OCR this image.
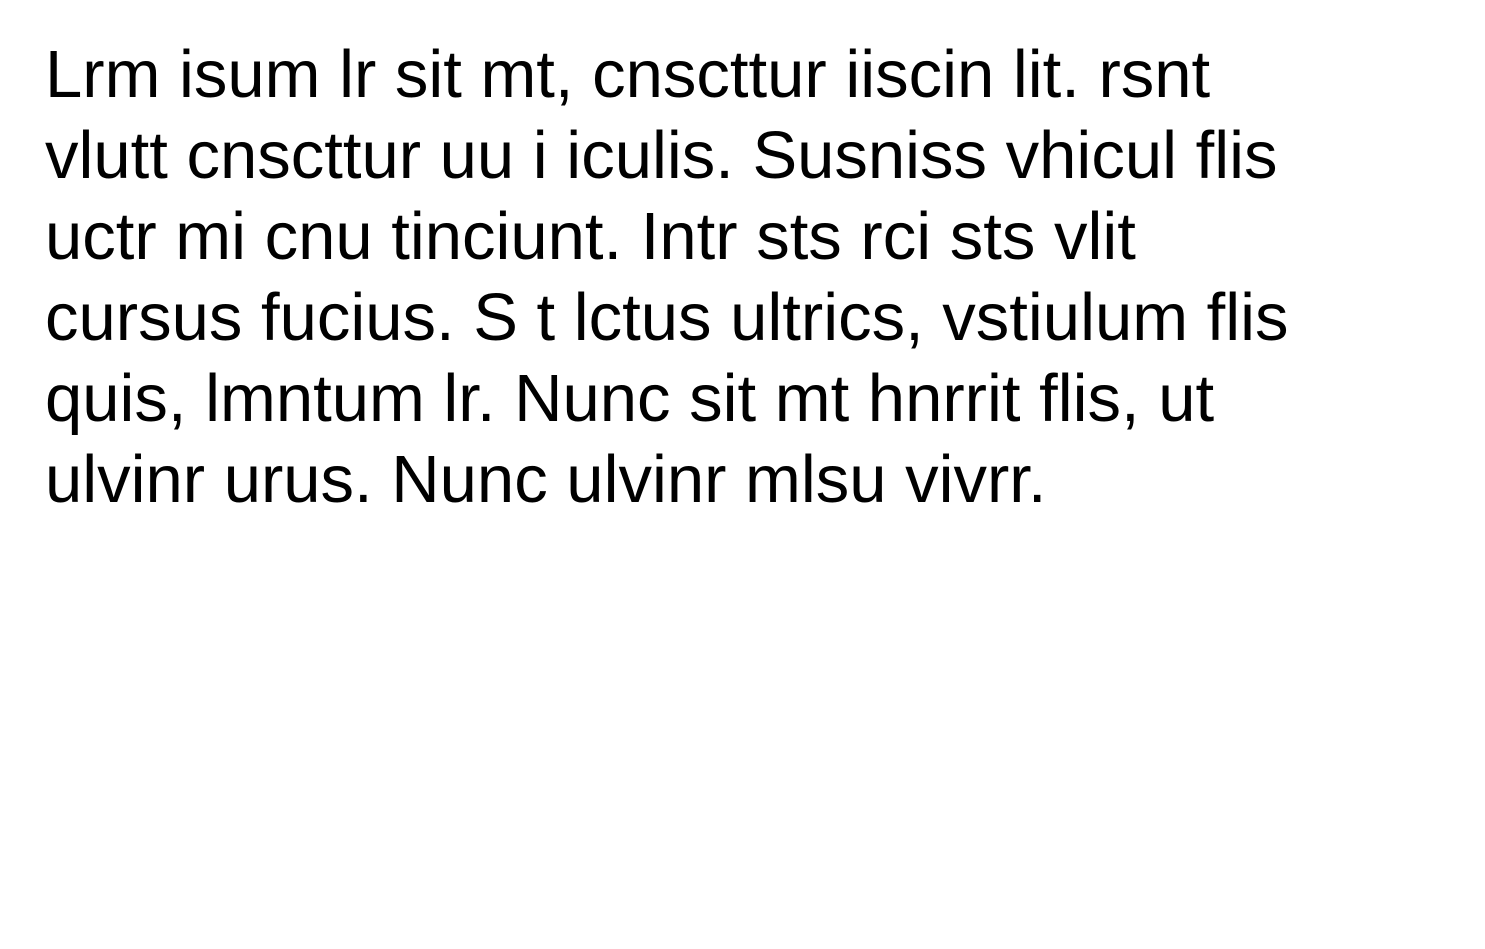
Lrm isum lr sit mt, cnscttur iiscin lit. rsnt
vlutt cnscttur uu i iculis. Susniss vhicul flis
uctr mi cnu tinciunt. Intr sts rci sts vlit
cursus fucius. S t lctus ultrics, vstiulum flis
quis, lmntum lr. Nunc sit mt hnrrit flis, ut
ulvinr urus. Nunc ulvinr mlsu vivrr.
